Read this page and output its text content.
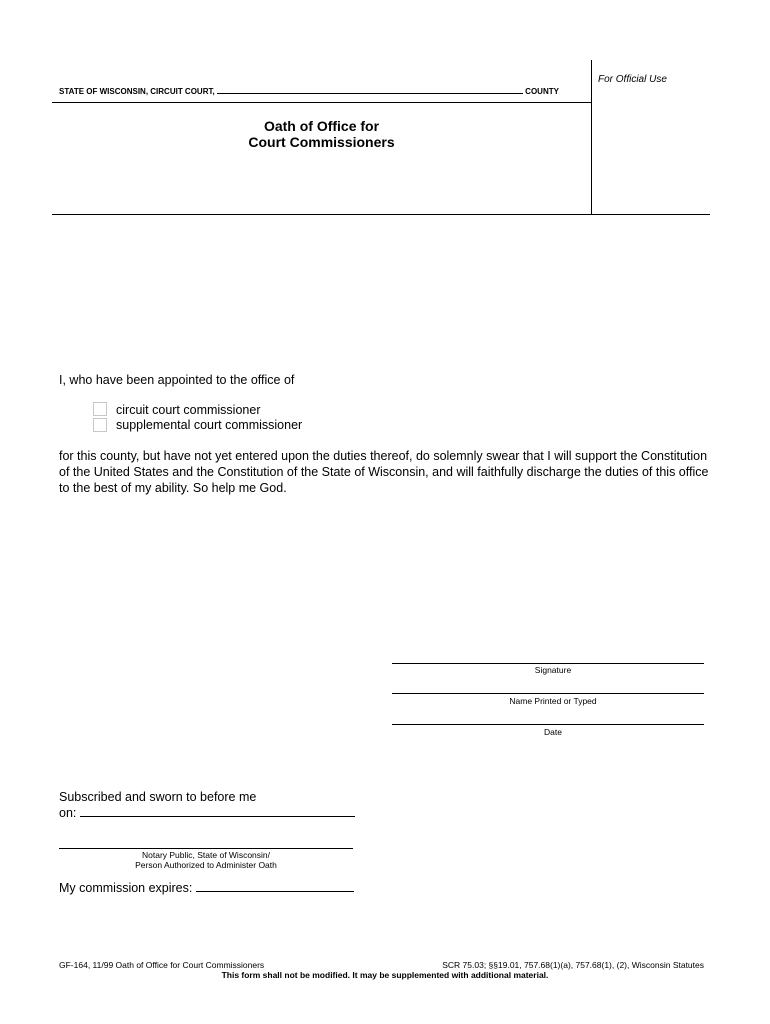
STATE OF WISCONSIN, CIRCUIT COURT,	COUNTY
For Official Use
Oath of Office for
Court Commissioners
I, who have been appointed to the office of
circuit court commissioner
supplemental court commissioner
for this county, but have not yet entered upon the duties thereof, do solemnly swear that I will support the Constitution of the United States and the Constitution of the State of Wisconsin, and will faithfully discharge the duties of this office to the best of my ability. So help me God.
Signature
Name Printed or Typed
Date
Subscribed and sworn to before me
on:
Notary Public, State of Wisconsin/
Person Authorized to Administer Oath
My commission expires:
GF-164, 11/99 Oath of Office for Court Commissioners	SCR 75.03; §§19.01, 757.68(1)(a), 757.68(1), (2), Wisconsin Statutes
This form shall not be modified. It may be supplemented with additional material.
